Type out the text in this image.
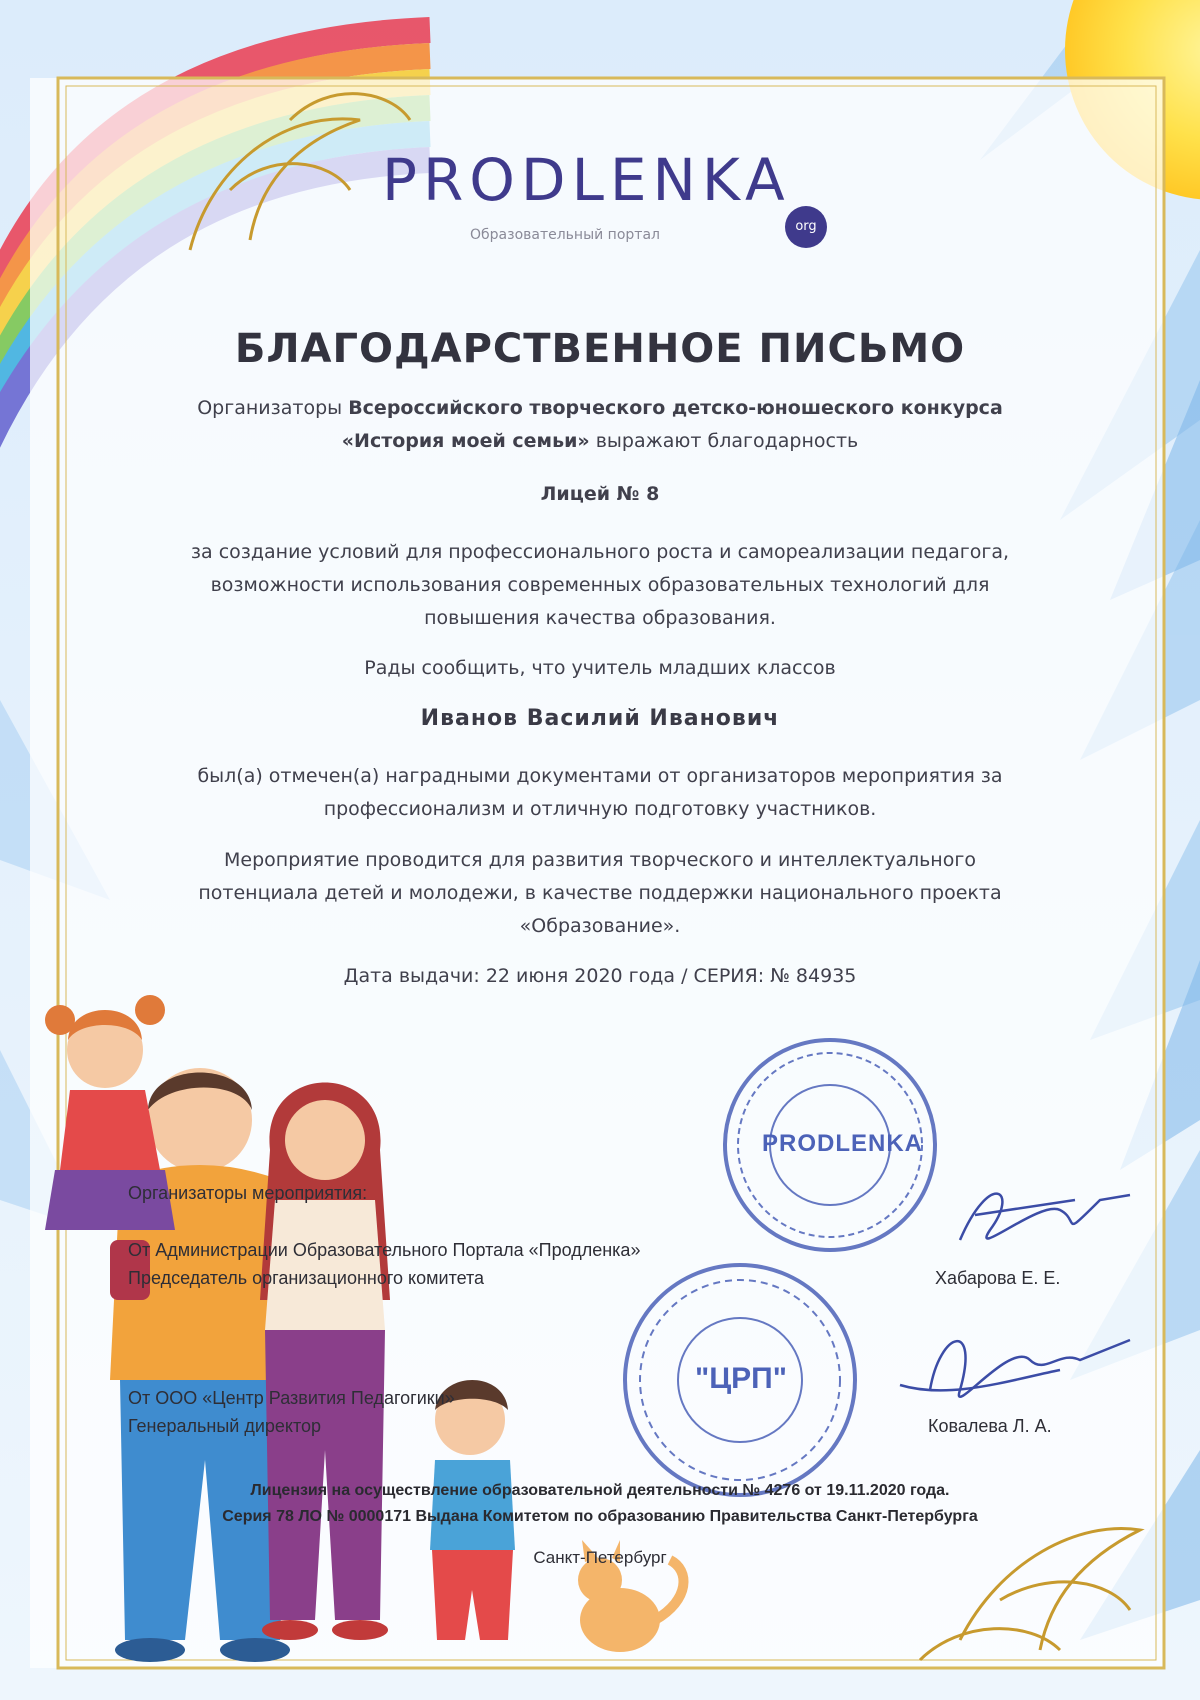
PRODLENKA
org
Образовательный портал
БЛАГОДАРСТВЕННОЕ ПИСЬМО
Организаторы Всероссийского творческого детско-юношеского конкурса
«История моей семьи» выражают благодарность
Лицей № 8
за создание условий для профессионального роста и самореализации педагога,
возможности использования современных образовательных технологий для
повышения качества образования.
Рады сообщить, что учитель младших классов
Иванов Василий Иванович
был(а) отмечен(а) наградными документами от организаторов мероприятия за
профессионализм и отличную подготовку участников.
Мероприятие проводится для развития творческого и интеллектуального
потенциала детей и молодежи, в качестве поддержки национального проекта
«Образование».
Дата выдачи: 22 июня 2020 года / СЕРИЯ: № 84935
PRODLENKA
"ЦРП"
Организаторы мероприятия:
От Администрации Образовательного Портала «Продленка»
Председатель организационного комитета	Хабарова Е. Е.
От ООО «Центр Развития Педагогики»
Генеральный директор	Ковалева Л. А.
Лицензия на осуществление образовательной деятельности № 4276 от 19.11.2020 года.
Серия 78 ЛО № 0000171 Выдана Комитетом по образованию Правительства Санкт-Петербурга
Санкт-Петербург
